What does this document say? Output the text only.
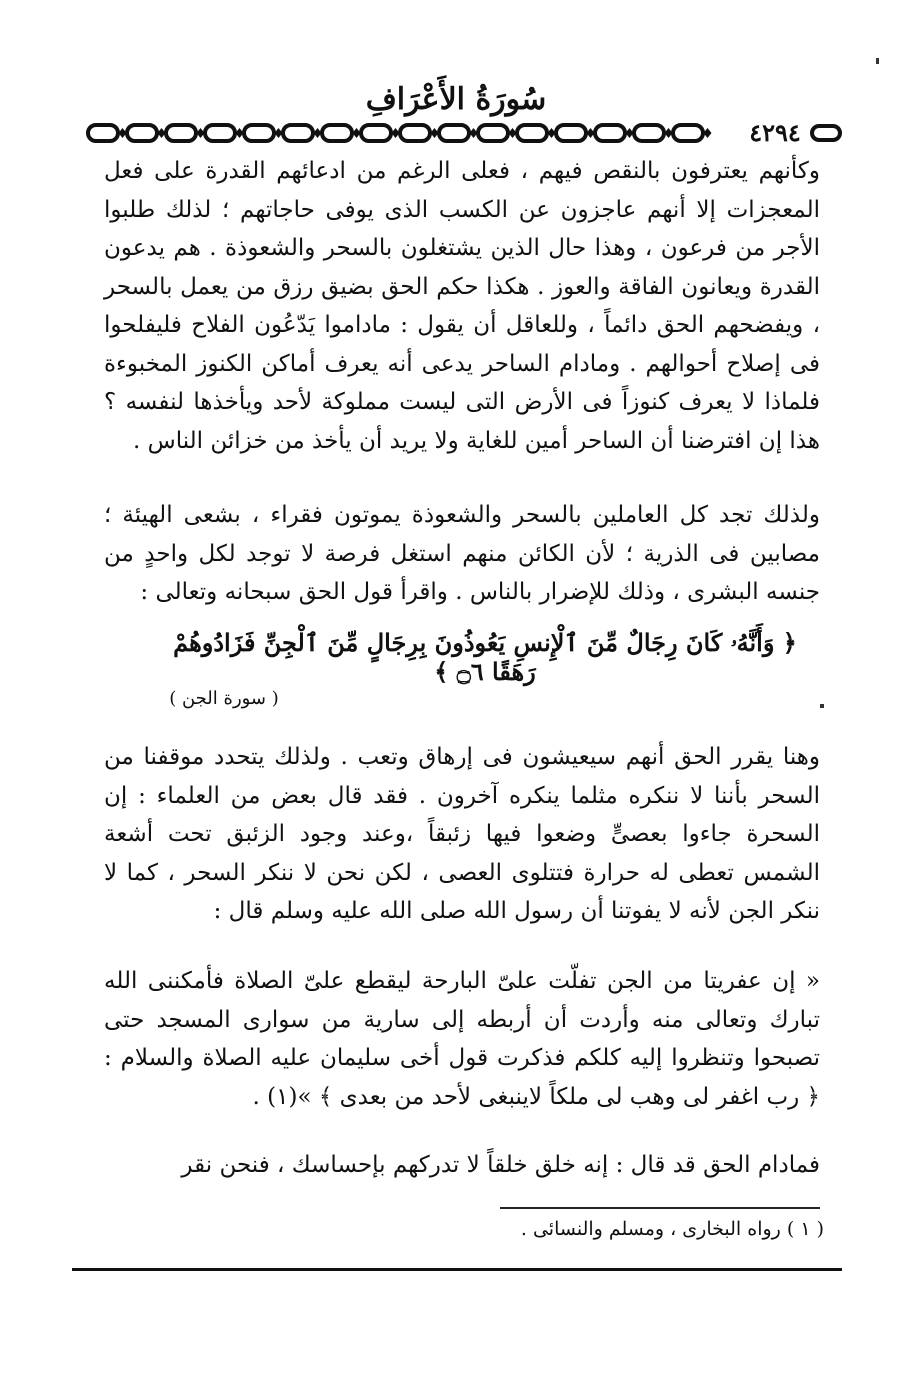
سُورَةُ الأَعْرَافِ
٤٢٩٤

وكأنهم يعترفون بالنقص فيهم ، فعلى الرغم من ادعائهم القدرة على فعل المعجزات إلا أنهم عاجزون عن الكسب الذى يوفى حاجاتهم ؛ لذلك طلبوا الأجر من فرعون ، وهذا حال الذين يشتغلون بالسحر والشعوذة . هم يدعون القدرة ويعانون الفاقة والعوز . هكذا حكم الحق بضيق رزق من يعمل بالسحر ، ويفضحهم الحق دائماً ، وللعاقل أن يقول : ماداموا يَدّعُون الفلاح فليفلحوا فى إصلاح أحوالهم . ومادام الساحر يدعى أنه يعرف أماكن الكنوز المخبوءة فلماذا لا يعرف كنوزاً فى الأرض التى ليست مملوكة لأحد ويأخذها لنفسه ؟ هذا إن افترضنا أن الساحر أمين للغاية ولا يريد أن يأخذ من خزائن الناس .

ولذلك تجد كل العاملين بالسحر والشعوذة يموتون فقراء ، بشعى الهيئة ؛ مصابين فى الذرية ؛ لأن الكائن منهم استغل فرصة لا توجد لكل واحدٍ من جنسه البشرى ، وذلك للإضرار بالناس . واقرأ قول الحق سبحانه وتعالى :

﴿ وَأَنَّهُۥ كَانَ رِجَالٌ مِّنَ ٱلْإِنسِ يَعُوذُونَ بِرِجَالٍ مِّنَ ٱلْجِنِّ فَزَادُوهُمْ رَهَقًا ۝٦ ﴾
( سورة الجن )

وهنا يقرر الحق أنهم سيعيشون فى إرهاق وتعب . ولذلك يتحدد موقفنا من السحر بأننا لا ننكره مثلما ينكره آخرون . فقد قال بعض من العلماء : إن السحرة جاءوا بعصىٍّ وضعوا فيها زئبقاً ،وعند وجود الزئبق تحت أشعة الشمس تعطى له حرارة فتتلوى العصى ، لكن نحن لا ننكر السحر ، كما لا ننكر الجن لأنه لا يفوتنا أن رسول الله صلى الله عليه وسلم قال :

« إن عفريتا من الجن تفلّت علىّ البارحة ليقطع علىّ الصلاة فأمكننى الله تبارك وتعالى منه وأردت أن أربطه إلى سارية من سوارى المسجد حتى تصبحوا وتنظروا إليه كلكم فذكرت قول أخى سليمان عليه الصلاة والسلام : ﴿ رب اغفر لى وهب لى ملكاً لاينبغى لأحد من بعدى ﴾ »(١) .

فمادام الحق قد قال : إنه خلق خلقاً لا تدركهم بإحساسك ، فنحن نقر

( ١ ) رواه البخارى ، ومسلم والنسائى .
